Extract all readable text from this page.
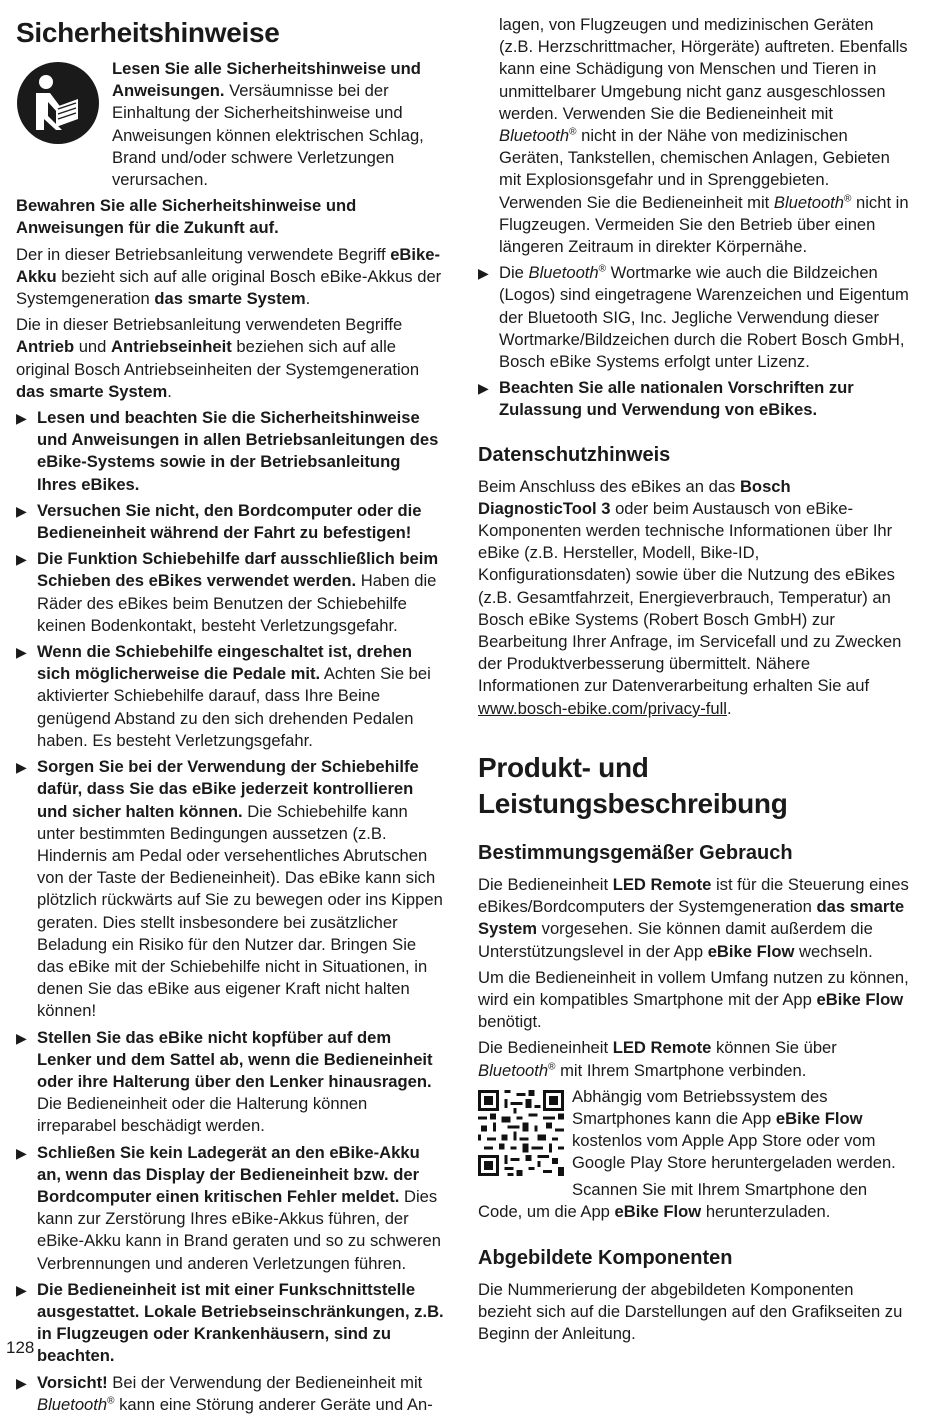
Sicherheitshinweise

Lesen Sie alle Sicherheitshinweise und Anweisungen. Versäumnisse bei der Einhaltung der Sicherheitshinweise und Anweisungen können elektrischen Schlag, Brand und/oder schwere Verletzungen verursachen.

Bewahren Sie alle Sicherheitshinweise und Anweisungen für die Zukunft auf.

Der in dieser Betriebsanleitung verwendete Begriff eBike-Akku bezieht sich auf alle original Bosch eBike-Akkus der Systemgeneration das smarte System.

Die in dieser Betriebsanleitung verwendeten Begriffe Antrieb und Antriebseinheit beziehen sich auf alle original Bosch Antriebseinheiten der Systemgeneration das smarte System.

▶ Lesen und beachten Sie die Sicherheitshinweise und Anweisungen in allen Betriebsanleitungen des eBike-Systems sowie in der Betriebsanleitung Ihres eBikes.
▶ Versuchen Sie nicht, den Bordcomputer oder die Bedieneinheit während der Fahrt zu befestigen!
▶ Die Funktion Schiebehilfe darf ausschließlich beim Schieben des eBikes verwendet werden. Haben die Räder des eBikes beim Benutzen der Schiebehilfe keinen Bodenkontakt, besteht Verletzungsgefahr.
▶ Wenn die Schiebehilfe eingeschaltet ist, drehen sich möglicherweise die Pedale mit. Achten Sie bei aktivierter Schiebehilfe darauf, dass Ihre Beine genügend Abstand zu den sich drehenden Pedalen haben. Es besteht Verletzungsgefahr.
▶ Sorgen Sie bei der Verwendung der Schiebehilfe dafür, dass Sie das eBike jederzeit kontrollieren und sicher halten können. Die Schiebehilfe kann unter bestimmten Bedingungen aussetzen (z.B. Hindernis am Pedal oder versehentliches Abrutschen von der Taste der Bedieneinheit). Das eBike kann sich plötzlich rückwärts auf Sie zu bewegen oder ins Kippen geraten. Dies stellt insbesondere bei zusätzlicher Beladung ein Risiko für den Nutzer dar. Bringen Sie das eBike mit der Schiebehilfe nicht in Situationen, in denen Sie das eBike aus eigener Kraft nicht halten können!
▶ Stellen Sie das eBike nicht kopfüber auf dem Lenker und dem Sattel ab, wenn die Bedieneinheit oder ihre Halterung über den Lenker hinausragen. Die Bedieneinheit oder die Halterung können irreparabel beschädigt werden.
▶ Schließen Sie kein Ladegerät an den eBike-Akku an, wenn das Display der Bedieneinheit bzw. der Bordcomputer einen kritischen Fehler meldet. Dies kann zur Zerstörung Ihres eBike-Akkus führen, der eBike-Akku kann in Brand geraten und so zu schweren Verbrennungen und anderen Verletzungen führen.
▶ Die Bedieneinheit ist mit einer Funkschnittstelle ausgestattet. Lokale Betriebseinschränkungen, z.B. in Flugzeugen oder Krankenhäusern, sind zu beachten.
▶ Vorsicht! Bei der Verwendung der Bedieneinheit mit Bluetooth® kann eine Störung anderer Geräte und An-
lagen, von Flugzeugen und medizinischen Geräten (z.B. Herzschrittmacher, Hörgeräte) auftreten. Ebenfalls kann eine Schädigung von Menschen und Tieren in unmittelbarer Umgebung nicht ganz ausgeschlossen werden. Verwenden Sie die Bedieneinheit mit Bluetooth® nicht in der Nähe von medizinischen Geräten, Tankstellen, chemischen Anlagen, Gebieten mit Explosionsgefahr und in Sprenggebieten. Verwenden Sie die Bedieneinheit mit Bluetooth® nicht in Flugzeugen. Vermeiden Sie den Betrieb über einen längeren Zeitraum in direkter Körpernähe.
▶ Die Bluetooth® Wortmarke wie auch die Bildzeichen (Logos) sind eingetragene Warenzeichen und Eigentum der Bluetooth SIG, Inc. Jegliche Verwendung dieser Wortmarke/Bildzeichen durch die Robert Bosch GmbH, Bosch eBike Systems erfolgt unter Lizenz.
▶ Beachten Sie alle nationalen Vorschriften zur Zulassung und Verwendung von eBikes.
Datenschutzhinweis

Beim Anschluss des eBikes an das Bosch DiagnosticTool 3 oder beim Austausch von eBike-Komponenten werden technische Informationen über Ihr eBike (z.B. Hersteller, Modell, Bike-ID, Konfigurationsdaten) sowie über die Nutzung des eBikes (z.B. Gesamtfahrzeit, Energieverbrauch, Temperatur) an Bosch eBike Systems (Robert Bosch GmbH) zur Bearbeitung Ihrer Anfrage, im Servicefall und zu Zwecken der Produktverbesserung übermittelt. Nähere Informationen zur Datenverarbeitung erhalten Sie auf www.bosch-ebike.com/privacy-full.

Produkt- und
Leistungsbeschreibung
Bestimmungsgemäßer Gebrauch

Die Bedieneinheit LED Remote ist für die Steuerung eines eBikes/Bordcomputers der Systemgeneration das smarte System vorgesehen. Sie können damit außerdem die Unterstützungslevel in der App eBike Flow wechseln.

Um die Bedieneinheit in vollem Umfang nutzen zu können, wird ein kompatibles Smartphone mit der App eBike Flow benötigt.

Die Bedieneinheit LED Remote können Sie über Bluetooth® mit Ihrem Smartphone verbinden.

Abhängig vom Betriebssystem des Smartphones kann die App eBike Flow kostenlos vom Apple App Store oder vom Google Play Store heruntergeladen werden.

Scannen Sie mit Ihrem Smartphone den Code, um die App eBike Flow herunterzuladen.

Abgebildete Komponenten

Die Nummerierung der abgebildeten Komponenten bezieht sich auf die Darstellungen auf den Grafikseiten zu Beginn der Anleitung.

128
